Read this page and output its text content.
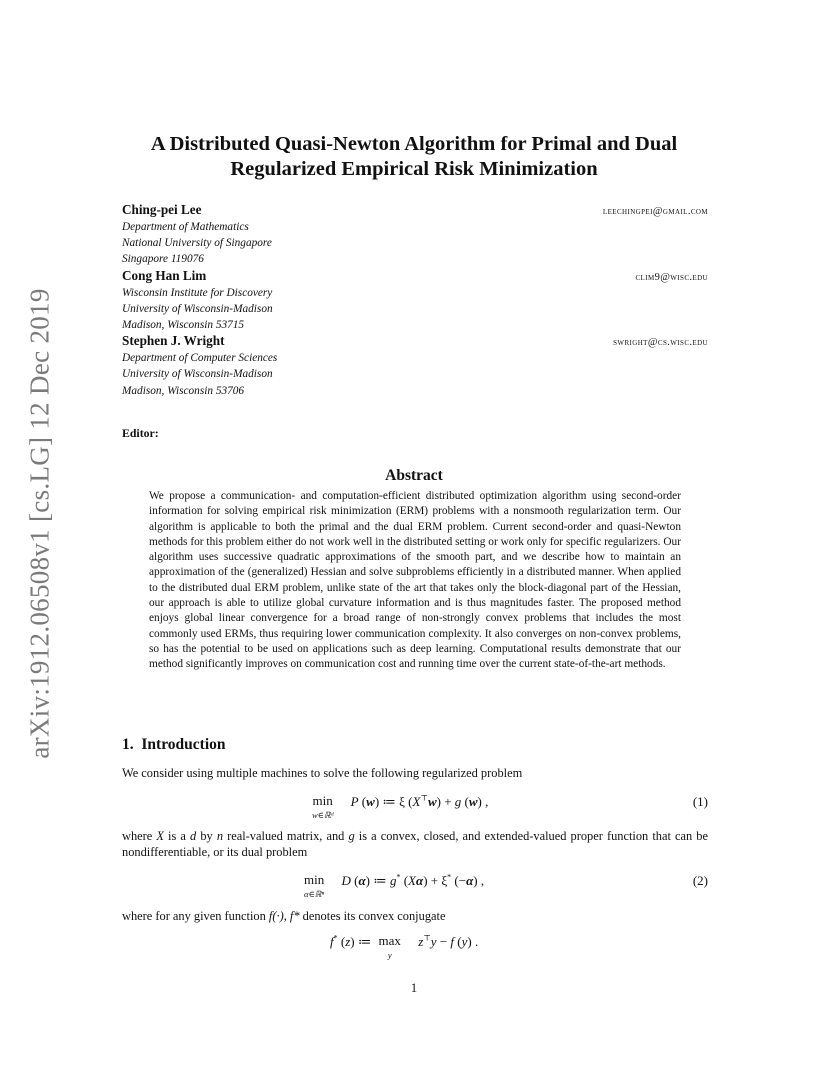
arXiv:1912.06508v1 [cs.LG] 12 Dec 2019
A Distributed Quasi-Newton Algorithm for Primal and Dual
Regularized Empirical Risk Minimization
Ching-pei Lee	leechingpei@gmail.com
Department of Mathematics
National University of Singapore
Singapore 119076
Cong Han Lim	clim9@wisc.edu
Wisconsin Institute for Discovery
University of Wisconsin-Madison
Madison, Wisconsin 53715
Stephen J. Wright	swright@cs.wisc.edu
Department of Computer Sciences
University of Wisconsin-Madison
Madison, Wisconsin 53706
Editor:
Abstract
We propose a communication- and computation-efficient distributed optimization algorithm using second-order information for solving empirical risk minimization (ERM) problems with a nonsmooth regularization term. Our algorithm is applicable to both the primal and the dual ERM problem. Current second-order and quasi-Newton methods for this problem either do not work well in the distributed setting or work only for specific regularizers. Our algorithm uses successive quadratic approximations of the smooth part, and we describe how to maintain an approximation of the (generalized) Hessian and solve subproblems efficiently in a distributed manner. When applied to the distributed dual ERM problem, unlike state of the art that takes only the block-diagonal part of the Hessian, our approach is able to utilize global curvature information and is thus magnitudes faster. The proposed method enjoys global linear convergence for a broad range of non-strongly convex problems that includes the most commonly used ERMs, thus requiring lower communication complexity. It also converges on non-convex problems, so has the potential to be used on applications such as deep learning. Computational results demonstrate that our method significantly improves on communication cost and running time over the current state-of-the-art methods.
1. Introduction
We consider using multiple machines to solve the following regularized problem
min
w∈ℝᵈ
P (w) ≔ ξ (X⊤w) + g (w) ,	(1)
where X is a d by n real-valued matrix, and g is a convex, closed, and extended-valued proper function that can be nondifferentiable, or its dual problem
min
α∈ℝⁿ
D (α) ≔ g* (Xα) + ξ* (−α) ,	(2)
where for any given function f(·), f* denotes its convex conjugate
f* (z) ≔ max
y
z⊤y − f (y) .
1
